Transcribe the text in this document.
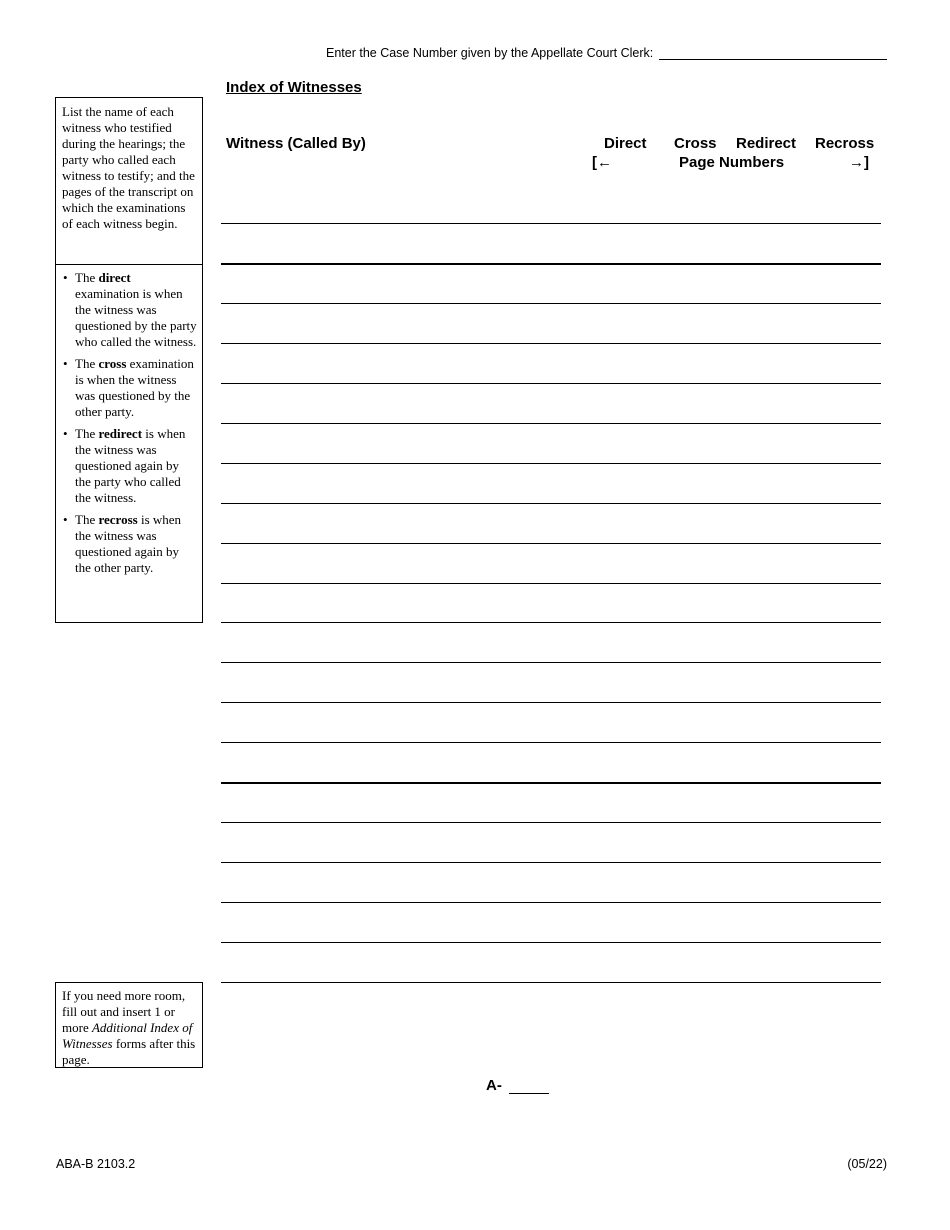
Enter the Case Number given by the Appellate Court Clerk:
Index of Witnesses
List the name of each witness who testified during the hearings; the party who called each witness to testify; and the pages of the transcript on which the examinations of each witness begin.
• The direct examination is when the witness was questioned by the party who called the witness.
• The cross examination is when the witness was questioned by the other party.
• The redirect is when the witness was questioned again by the party who called the witness.
• The recross is when the witness was questioned again by the other party.
If you need more room, fill out and insert 1 or more Additional Index of Witnesses forms after this page.
Witness (Called By)	Direct Cross Redirect Recross
[←	Page Numbers	→]
A-
ABA-B 2103.2	(05/22)
